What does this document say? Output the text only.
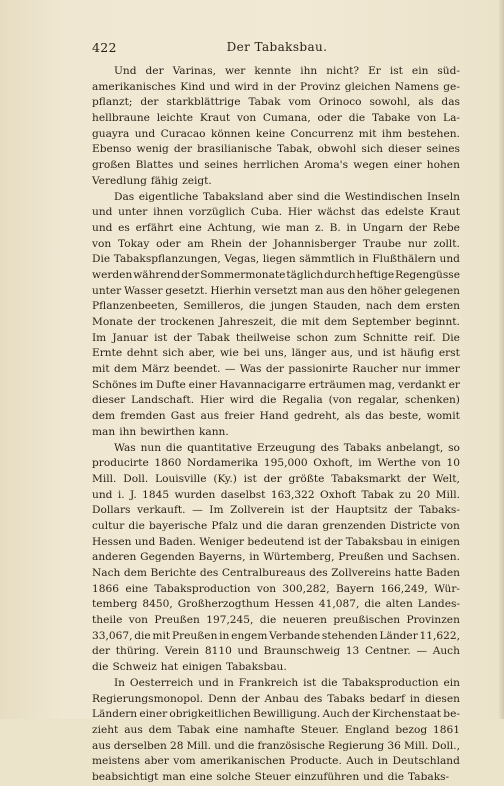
422	Der Tabaksbau.
Und der Varinas, wer kennte ihn nicht? Er ist ein süd-
amerikanisches Kind und wird in der Provinz gleichen Namens ge-
pflanzt; der starkblättrige Tabak vom Orinoco sowohl, als das
hellbraune leichte Kraut von Cumana, oder die Tabake von La-
guayra und Curacao können keine Concurrenz mit ihm bestehen.
Ebenso wenig der brasilianische Tabak, obwohl sich dieser seines
großen Blattes und seines herrlichen Aroma's wegen einer hohen
Veredlung fähig zeigt.
Das eigentliche Tabaksland aber sind die Westindischen Inseln
und unter ihnen vorzüglich Cuba. Hier wächst das edelste Kraut
und es erfährt eine Achtung, wie man z. B. in Ungarn der Rebe
von Tokay oder am Rhein der Johannisberger Traube nur zollt.
Die Tabakspflanzungen, Vegas, liegen sämmtlich in Flußthälern und
werden während der Sommermonate täglich durch heftige Regengüsse
unter Wasser gesetzt. Hierhin versetzt man aus den höher gelegenen
Pflanzenbeeten, Semilleros, die jungen Stauden, nach dem ersten
Monate der trockenen Jahreszeit, die mit dem September beginnt.
Im Januar ist der Tabak theilweise schon zum Schnitte reif. Die
Ernte dehnt sich aber, wie bei uns, länger aus, und ist häufig erst
mit dem März beendet. — Was der passionirte Raucher nur immer
Schönes im Dufte einer Havannacigarre erträumen mag, verdankt er
dieser Landschaft. Hier wird die Regalia (von regalar, schenken)
dem fremden Gast aus freier Hand gedreht, als das beste, womit
man ihn bewirthen kann.
Was nun die quantitative Erzeugung des Tabaks anbelangt, so
producirte 1860 Nordamerika 195,000 Oxhoft, im Werthe von 10
Mill. Doll. Louisville (Ky.) ist der größte Tabaksmarkt der Welt,
und i. J. 1845 wurden daselbst 163,322 Oxhoft Tabak zu 20 Mill.
Dollars verkauft. — Im Zollverein ist der Hauptsitz der Tabaks-
cultur die bayerische Pfalz und die daran grenzenden Districte von
Hessen und Baden. Weniger bedeutend ist der Tabaksbau in einigen
anderen Gegenden Bayerns, in Würtemberg, Preußen und Sachsen.
Nach dem Berichte des Centralbureaus des Zollvereins hatte Baden
1866 eine Tabaksproduction von 300,282, Bayern 166,249, Wür-
temberg 8450, Großherzogthum Hessen 41,087, die alten Landes-
theile von Preußen 197,245, die neueren preußischen Provinzen
33,067, die mit Preußen in engem Verbande stehenden Länder 11,622,
der thüring. Verein 8110 und Braunschweig 13 Centner. — Auch
die Schweiz hat einigen Tabaksbau.
In Oesterreich und in Frankreich ist die Tabaksproduction ein
Regierungsmonopol. Denn der Anbau des Tabaks bedarf in diesen
Ländern einer obrigkeitlichen Bewilligung. Auch der Kirchenstaat be-
zieht aus dem Tabak eine namhafte Steuer. England bezog 1861
aus derselben 28 Mill. und die französische Regierung 36 Mill. Doll.,
meistens aber vom amerikanischen Producte. Auch in Deutschland
beabsichtigt man eine solche Steuer einzuführen und die Tabaks-
